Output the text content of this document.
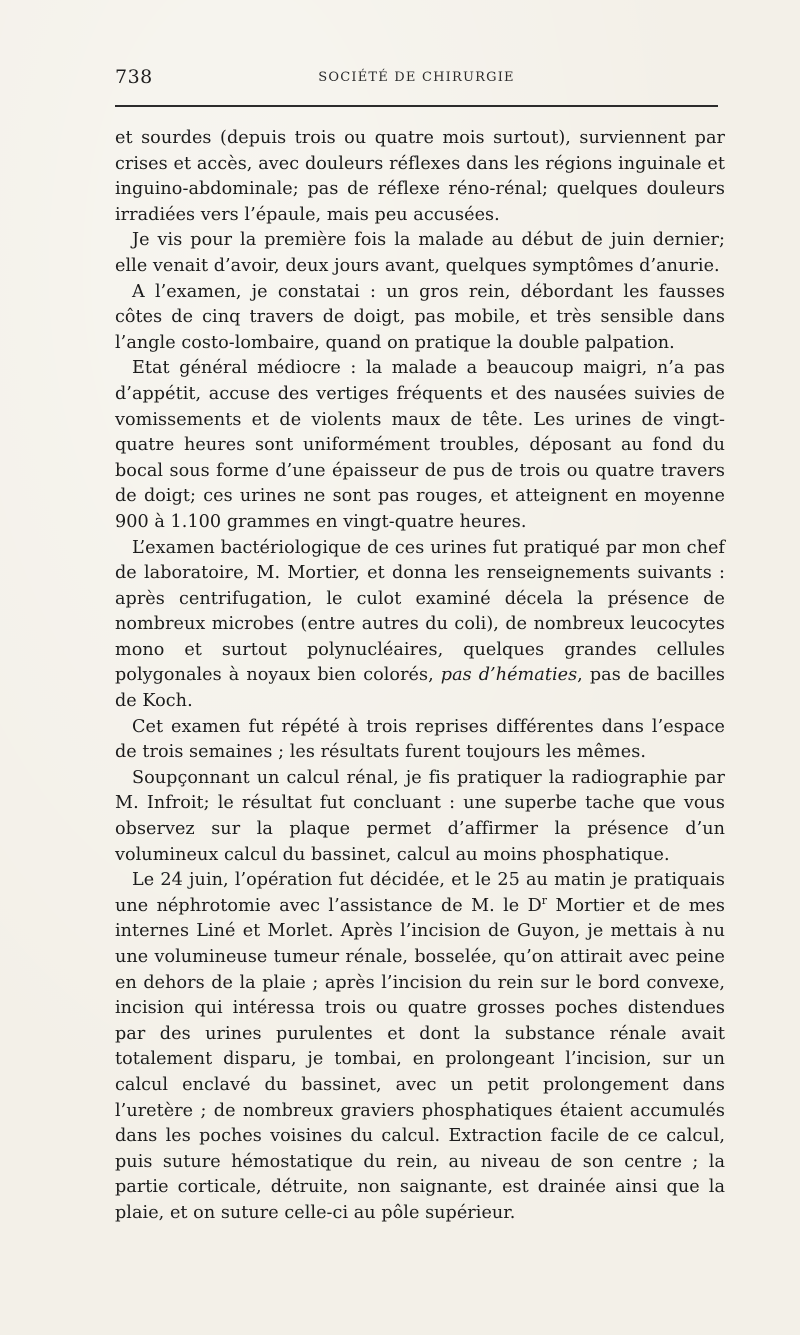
738	SOCIÉTÉ DE CHIRURGIE

et sourdes (depuis trois ou quatre mois surtout), surviennent par crises et accès, avec douleurs réflexes dans les régions inguinale et inguino-abdominale; pas de réflexe réno-rénal; quelques douleurs irradiées vers l’épaule, mais peu accusées.

Je vis pour la première fois la malade au début de juin dernier; elle venait d’avoir, deux jours avant, quelques symptômes d’anurie.

A l’examen, je constatai : un gros rein, débordant les fausses côtes de cinq travers de doigt, pas mobile, et très sensible dans l’angle costo-lombaire, quand on pratique la double palpation.

Etat général médiocre : la malade a beaucoup maigri, n’a pas d’appétit, accuse des vertiges fréquents et des nausées suivies de vomissements et de violents maux de tête. Les urines de vingt-quatre heures sont uniformément troubles, déposant au fond du bocal sous forme d’une épaisseur de pus de trois ou quatre travers de doigt; ces urines ne sont pas rouges, et atteignent en moyenne 900 à 1.100 grammes en vingt-quatre heures.

L’examen bactériologique de ces urines fut pratiqué par mon chef de laboratoire, M. Mortier, et donna les renseignements suivants : après centrifugation, le culot examiné décela la présence de nombreux microbes (entre autres du coli), de nombreux leucocytes mono et surtout polynucléaires, quelques grandes cellules polygonales à noyaux bien colorés, pas d’hématies, pas de bacilles de Koch.

Cet examen fut répété à trois reprises différentes dans l’espace de trois semaines ; les résultats furent toujours les mêmes.

Soupçonnant un calcul rénal, je fis pratiquer la radiographie par M. Infroit; le résultat fut concluant : une superbe tache que vous observez sur la plaque permet d’affirmer la présence d’un volumineux calcul du bassinet, calcul au moins phosphatique.

Le 24 juin, l’opération fut décidée, et le 25 au matin je pratiquais une néphrotomie avec l’assistance de M. le $D^r$ Mortier et de mes internes Liné et Morlet. Après l’incision de Guyon, je mettais à nu une volumineuse tumeur rénale, bosselée, qu’on attirait avec peine en dehors de la plaie ; après l’incision du rein sur le bord convexe, incision qui intéressa trois ou quatre grosses poches distendues par des urines purulentes et dont la substance rénale avait totalement disparu, je tombai, en prolongeant l’incision, sur un calcul enclavé du bassinet, avec un petit prolongement dans l’uretère ; de nombreux graviers phosphatiques étaient accumulés dans les poches voisines du calcul. Extraction facile de ce calcul, puis suture hémostatique du rein, au niveau de son centre ; la partie corticale, détruite, non saignante, est drainée ainsi que la plaie, et on suture celle-ci au pôle supérieur.
